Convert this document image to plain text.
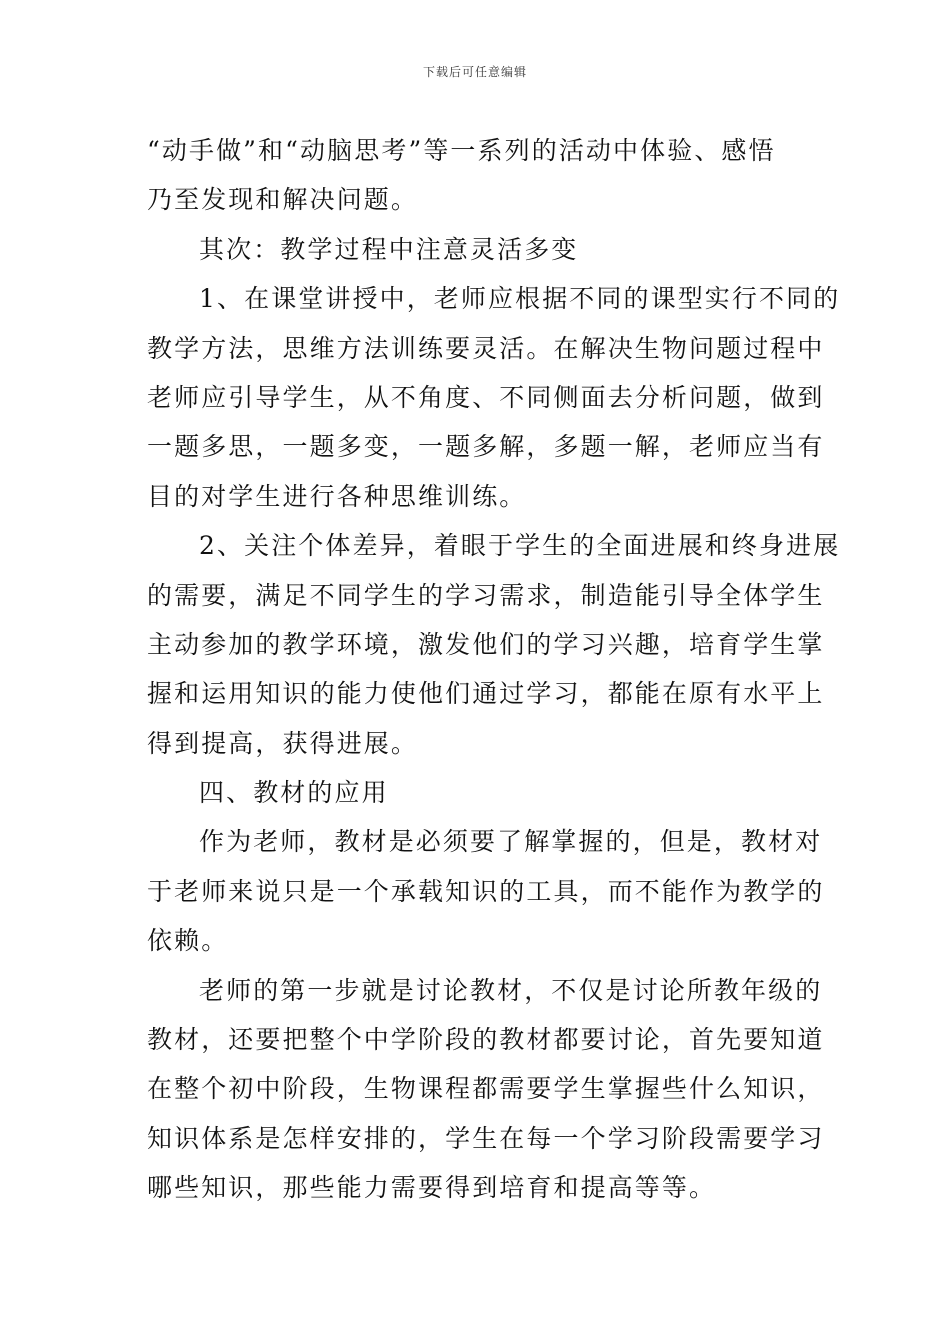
下载后可任意编辑
“动手做”和“动脑思考”等一系列的活动中体验、感悟
乃至发现和解决问题。
其次：教学过程中注意灵活多变
1、在课堂讲授中，老师应根据不同的课型实行不同的
教学方法，思维方法训练要灵活。在解决生物问题过程中
老师应引导学生，从不角度、不同侧面去分析问题，做到
一题多思，一题多变，一题多解，多题一解，老师应当有
目的对学生进行各种思维训练。
2、关注个体差异，着眼于学生的全面进展和终身进展
的需要，满足不同学生的学习需求，制造能引导全体学生
主动参加的教学环境，激发他们的学习兴趣，培育学生掌
握和运用知识的能力使他们通过学习，都能在原有水平上
得到提高，获得进展。
四、教材的应用
作为老师，教材是必须要了解掌握的，但是，教材对
于老师来说只是一个承载知识的工具，而不能作为教学的
依赖。
老师的第一步就是讨论教材，不仅是讨论所教年级的
教材，还要把整个中学阶段的教材都要讨论，首先要知道
在整个初中阶段，生物课程都需要学生掌握些什么知识，
知识体系是怎样安排的，学生在每一个学习阶段需要学习
哪些知识，那些能力需要得到培育和提高等等。
